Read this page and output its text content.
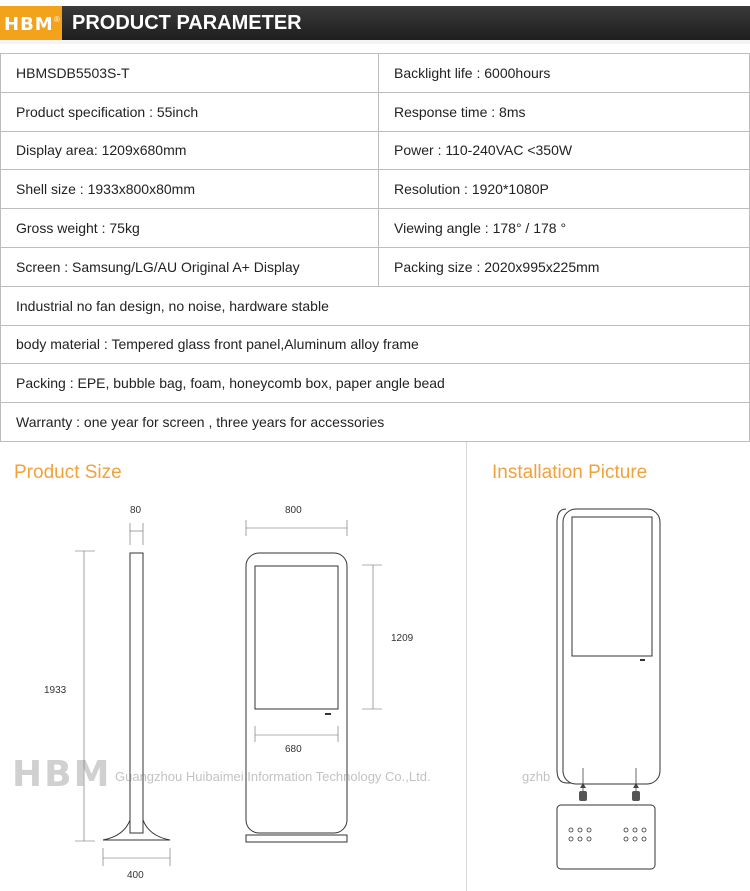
HBM ® PRODUCT PARAMETER
HBMSDB5503S-T	Backlight life : 6000hours
Product specification : 55inch	Response time : 8ms
Display area: 1209x680mm	Power : 110-240VAC <350W
Shell size : 1933x800x80mm	Resolution : 1920*1080P
Gross weight : 75kg	Viewing angle : 178° / 178 °
Screen : Samsung/LG/AU Original A+ Display	Packing size : 2020x995x225mm
Industrial no fan design, no noise, hardware stable	
body material : Tempered glass front panel,Aluminum alloy frame	
Packing : EPE, bubble bag, foam, honeycomb box, paper angle bead	
Warranty : one year for screen , three years for accessories	
Product Size	Installation Picture
80
1933
400
800
1209
680
HBM Guangzhou Huibaimei Information Technology Co.,Ltd.	gzhb
